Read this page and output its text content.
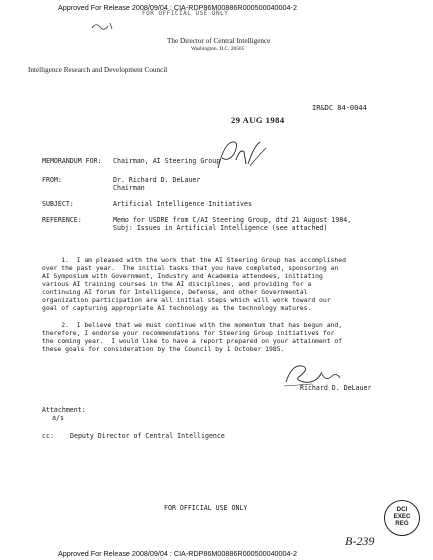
Approved For Release 2008/09/04 : CIA-RDP86M00886R000500040004-2
FOR OFFICIAL USE ONLY
The Director of Central Intelligence
Washington, D.C. 20505
Intelligence Research and Development Council
IR&DC 84-0044
29 AUG 1984
MEMORANDUM FOR: Chairman, AI Steering Group
FROM:	Dr. Richard D. DeLauer
Chairman
SUBJECT:	Artificial Intelligence Initiatives
REFERENCE:	Memo for USDRE from C/AI Steering Group, dtd 21 August 1984,
Subj: Issues in Artificial Intelligence (see attached)
1.  I am pleased with the work that the AI Steering Group has accomplished
over the past year.  The initial tasks that you have completed, sponsoring an
AI Symposium with Government, Industry and Academia attendees, initiating
various AI training courses in the AI disciplines, and providing for a
continuing AI forum for Intelligence, Defense, and other Governmental
organization participation are all initial steps which will work toward our
goal of capturing appropriate AI technology as the technology matures.
2.  I believe that we must continue with the momentum that has begun and,
therefore, I endorse your recommendations for Steering Group initiatives for
the coming year.  I would like to have a report prepared on your attainment of
these goals for consideration by the Council by 1 October 1985.
Richard D. DeLauer
Attachment:
a/s
cc: Deputy Director of Central Intelligence
FOR OFFICIAL USE ONLY	DCI
EXEC
REG
B-239
Approved For Release 2008/09/04 : CIA-RDP86M00886R000500040004-2
